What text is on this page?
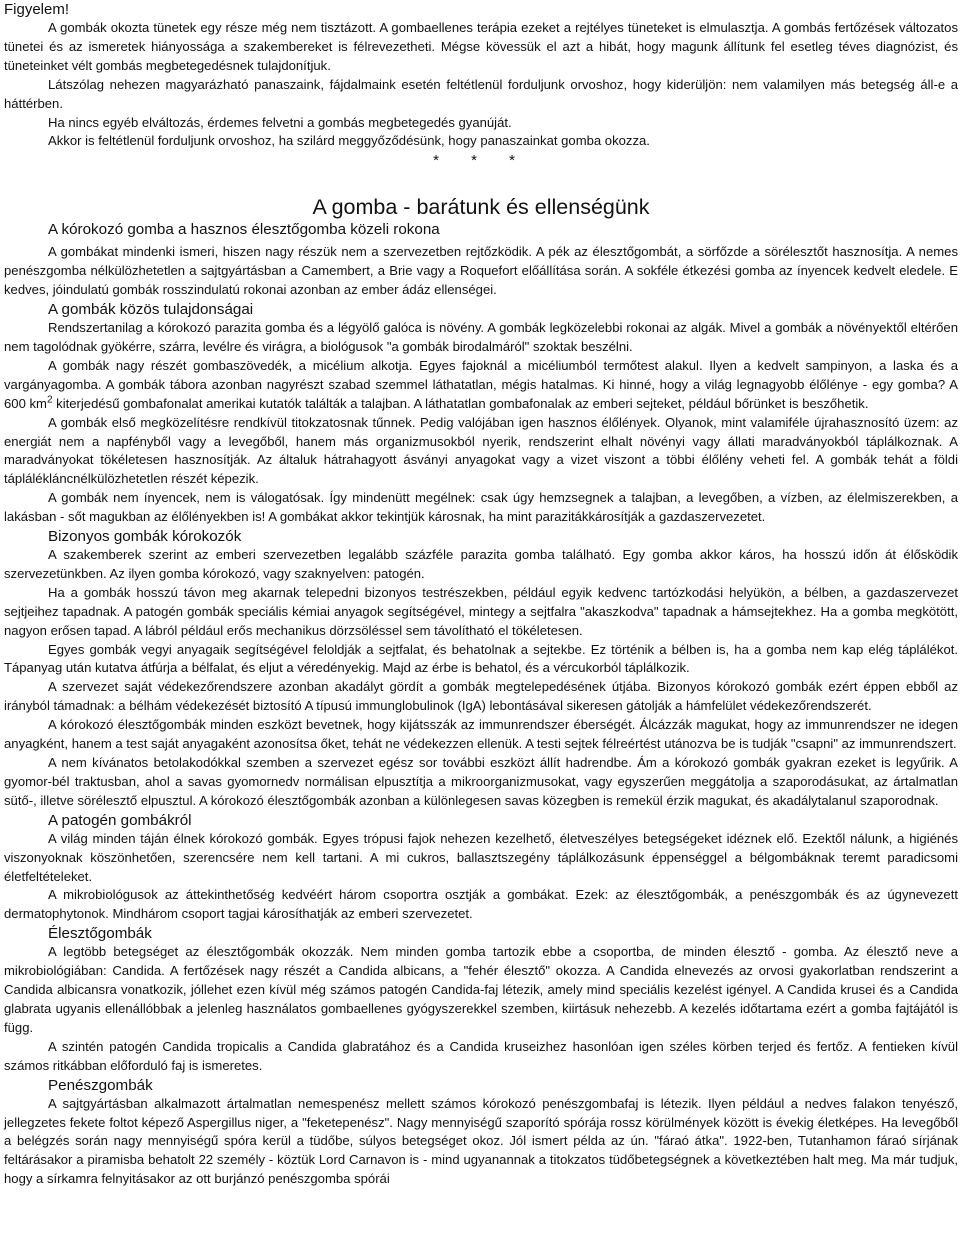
Figyelem!

A gombák okozta tünetek egy része még nem tisztázott. A gombaellenes terápia ezeket a rejtélyes tüneteket is elmulasztja. A gombás fertőzések változatos tünetei és az ismeretek hiányossága a szakembereket is félrevezetheti. Mégse kövessük el azt a hibát, hogy magunk állítunk fel esetleg téves diagnózist, és tüneteinket vélt gombás megbetegedésnek tulajdonítjuk.

Látszólag nehezen magyarázható panaszaink, fájdalmaink esetén feltétlenül forduljunk orvoshoz, hogy kiderüljön: nem valamilyen más betegség áll-e a háttérben.

Ha nincs egyéb elváltozás, érdemes felvetni a gombás megbetegedés gyanúját.

Akkor is feltétlenül forduljunk orvoshoz, ha szilárd meggyőződésünk, hogy panaszainkat gomba okozza.

* * *
A gomba - barátunk és ellenségünk
A kórokozó gomba a hasznos élesztőgomba közeli rokona

A gombákat mindenki ismeri, hiszen nagy részük nem a szervezetben rejtőzködik. A pék az élesztőgombát, a sörfőzde a sörélesztőt hasznosítja. A nemes penészgomba nélkülözhetetlen a sajtgyártásban a Camembert, a Brie vagy a Roquefort előállítása során. A sokféle étkezési gomba az ínyencek kedvelt eledele. E kedves, jóindulatú gombák rosszindulatú rokonai azonban az ember ádáz ellenségei.

A gombák közös tulajdonságai

Rendszertanilag a kórokozó parazita gomba és a légyölő galóca is növény. A gombák legközelebbi rokonai az algák. Mivel a gombák a növényektől eltérően nem tagolódnak gyökérre, szárra, levélre és virágra, a biológusok "a gombák birodalmáról" szoktak beszélni.

A gombák nagy részét gombaszövedék, a micélium alkotja. Egyes fajoknál a micéliumból termőtest alakul. Ilyen a kedvelt sampinyon, a laska és a vargányagomba. A gombák tábora azonban nagyrészt szabad szemmel láthatatlan, mégis hatalmas. Ki hinné, hogy a világ legnagyobb élőlénye - egy gomba? A 600 $km^2$ kiterjedésű gombafonalat amerikai kutatók találták a talajban. A láthatatlan gombafonalak az emberi sejteket, például bőrünket is beszőhetik.

A gombák első megközelítésre rendkívül titokzatosnak tűnnek. Pedig valójában igen hasznos élőlények. Olyanok, mint valamiféle újrahasznosító üzem: az energiát nem a napfényből vagy a levegőből, hanem más organizmusokból nyerik, rendszerint elhalt növényi vagy állati maradványokból táplálkoznak. A maradványokat tökéletesen hasznosítják. Az általuk hátrahagyott ásványi anyagokat vagy a vizet viszont a többi élőlény veheti fel. A gombák tehát a földi táplálékláncnélkülözhetetlen részét képezik.

A gombák nem ínyencek, nem is válogatósak. Így mindenütt megélnek: csak úgy hemzsegnek a talajban, a levegőben, a vízben, az élelmiszerekben, a lakásban - sőt magukban az élőlényekben is! A gombákat akkor tekintjük károsnak, ha mint parazitákkárosítják a gazdaszervezetet.

Bizonyos gombák kórokozók

A szakemberek szerint az emberi szervezetben legalább százféle parazita gomba található. Egy gomba akkor káros, ha hosszú időn át élősködik szervezetünkben. Az ilyen gomba kórokozó, vagy szaknyelven: patogén.

Ha a gombák hosszú távon meg akarnak telepedni bizonyos testrészekben, például egyik kedvenc tartózkodási helyükön, a bélben, a gazdaszervezet sejtjeihez tapadnak. A patogén gombák speciális kémiai anyagok segítségével, mintegy a sejtfalra "akaszkodva" tapadnak a hámsejtekhez. Ha a gomba megkötött, nagyon erősen tapad. A lábról például erős mechanikus dörzsöléssel sem távolítható el tökéletesen.

Egyes gombák vegyi anyagaik segítségével feloldják a sejtfalat, és behatolnak a sejtekbe. Ez történik a bélben is, ha a gomba nem kap elég táplálékot. Tápanyag után kutatva átfúrja a bélfalat, és eljut a véredényekig. Majd az érbe is behatol, és a vércukorból táplálkozik.

A szervezet saját védekezőrendszere azonban akadályt gördít a gombák megtelepedésének útjába. Bizonyos kórokozó gombák ezért éppen ebből az irányból támadnak: a bélhám védekezését biztosító A típusú immunglobulinok (IgA) lebontásával sikeresen gátolják a hámfelület védekezőrendszerét.

A kórokozó élesztőgombák minden eszközt bevetnek, hogy kijátsszák az immunrendszer éberségét. Álcázzák magukat, hogy az immunrendszer ne idegen anyagként, hanem a test saját anyagaként azonosítsa őket, tehát ne védekezzen ellenük. A testi sejtek félreértést utánozva be is tudják "csapni" az immunrendszert.

A nem kívánatos betolakodókkal szemben a szervezet egész sor további eszközt állít hadrendbe. Ám a kórokozó gombák gyakran ezeket is legyűrik. A gyomor-bél traktusban, ahol a savas gyomornedv normálisan elpusztítja a mikroorganizmusokat, vagy egyszerűen meggátolja a szaporodásukat, az ártalmatlan sütő-, illetve sörélesztő elpusztul. A kórokozó élesztőgombák azonban a különlegesen savas közegben is remekül érzik magukat, és akadálytalanul szaporodnak.

A patogén gombákról

A világ minden táján élnek kórokozó gombák. Egyes trópusi fajok nehezen kezelhető, életveszélyes betegségeket idéznek elő. Ezektől nálunk, a higiénés viszonyoknak köszönhetően, szerencsére nem kell tartani. A mi cukros, ballasztszegény táplálkozásunk éppenséggel a bélgombáknak teremt paradicsomi életfeltételeket.

A mikrobiológusok az áttekinthetőség kedvéért három csoportra osztják a gombákat. Ezek: az élesztőgombák, a penészgombák és az úgynevezett dermatophytonok. Mindhárom csoport tagjai károsíthatják az emberi szervezetet.

Élesztőgombák

A legtöbb betegséget az élesztőgombák okozzák. Nem minden gomba tartozik ebbe a csoportba, de minden élesztő - gomba. Az élesztő neve a mikrobiológiában: Candida. A fertőzések nagy részét a Candida albicans, a "fehér élesztő" okozza. A Candida elnevezés az orvosi gyakorlatban rendszerint a Candida albicansra vonatkozik, jóllehet ezen kívül még számos patogén Candida-faj létezik, amely mind speciális kezelést igényel. A Candida krusei és a Candida glabrata ugyanis ellenállóbbak a jelenleg használatos gombaellenes gyógyszerekkel szemben, kiirtásuk nehezebb. A kezelés időtartama ezért a gomba fajtájától is függ.

A szintén patogén Candida tropicalis a Candida glabratához és a Candida kruseizhez hasonlóan igen széles körben terjed és fertőz. A fentieken kívül számos ritkábban előforduló faj is ismeretes.

Penészgombák

A sajtgyártásban alkalmazott ártalmatlan nemespenész mellett számos kórokozó penészgombafaj is létezik. Ilyen például a nedves falakon tenyésző, jellegzetes fekete foltot képező Aspergillus niger, a "feketepenész". Nagy mennyiségű szaporító spórája rossz körülmények között is évekig életképes. Ha levegőből a belégzés során nagy mennyiségű spóra kerül a tüdőbe, súlyos betegséget okoz. Jól ismert példa az ún. "fáraó átka". 1922-ben, Tutanhamon fáraó sírjának feltárásakor a piramisba behatolt 22 személy - köztük Lord Carnavon is - mind ugyanannak a titokzatos tüdőbetegségnek a következtében halt meg. Ma már tudjuk, hogy a sírkamra felnyitásakor az ott burjánzó penészgomba spórái
